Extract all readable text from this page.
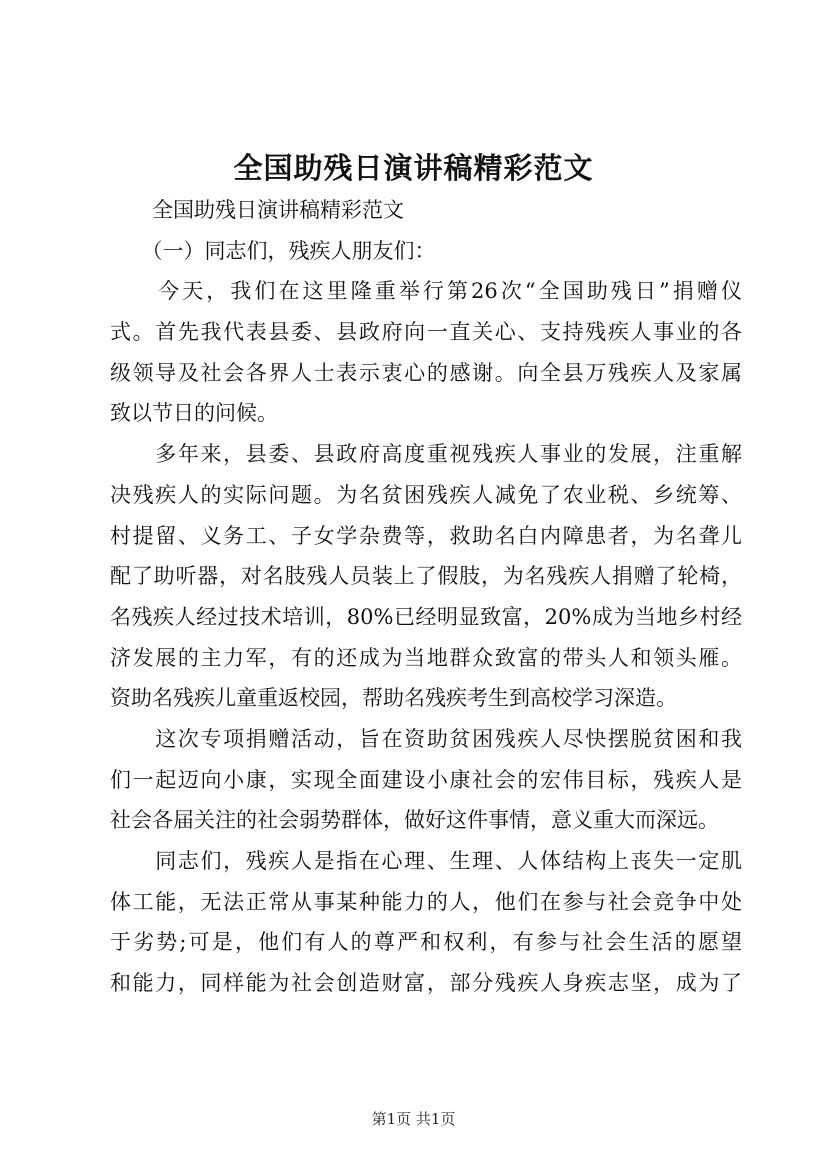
全国助残日演讲稿精彩范文
　　全国助残日演讲稿精彩范文
　　（一）同志们，残疾人朋友们：
　　今天，我们在这里隆重举行第26次“全国助残日”捐赠仪
式。首先我代表县委、县政府向一直关心、支持残疾人事业的各
级领导及社会各界人士表示衷心的感谢。向全县万残疾人及家属
致以节日的问候。
　　多年来，县委、县政府高度重视残疾人事业的发展，注重解
决残疾人的实际问题。为名贫困残疾人减免了农业税、乡统筹、
村提留、义务工、子女学杂费等，救助名白内障患者，为名聋儿
配了助听器，对名肢残人员装上了假肢，为名残疾人捐赠了轮椅，
名残疾人经过技术培训，80%已经明显致富，20%成为当地乡村经
济发展的主力军，有的还成为当地群众致富的带头人和领头雁。
资助名残疾儿童重返校园，帮助名残疾考生到高校学习深造。
　　这次专项捐赠活动，旨在资助贫困残疾人尽快摆脱贫困和我
们一起迈向小康，实现全面建设小康社会的宏伟目标，残疾人是
社会各届关注的社会弱势群体，做好这件事情，意义重大而深远。
　　同志们，残疾人是指在心理、生理、人体结构上丧失一定肌
体工能，无法正常从事某种能力的人，他们在参与社会竞争中处
于劣势;可是，他们有人的尊严和权利，有参与社会生活的愿望
和能力，同样能为社会创造财富，部分残疾人身疾志坚，成为了
第1页 共1页
